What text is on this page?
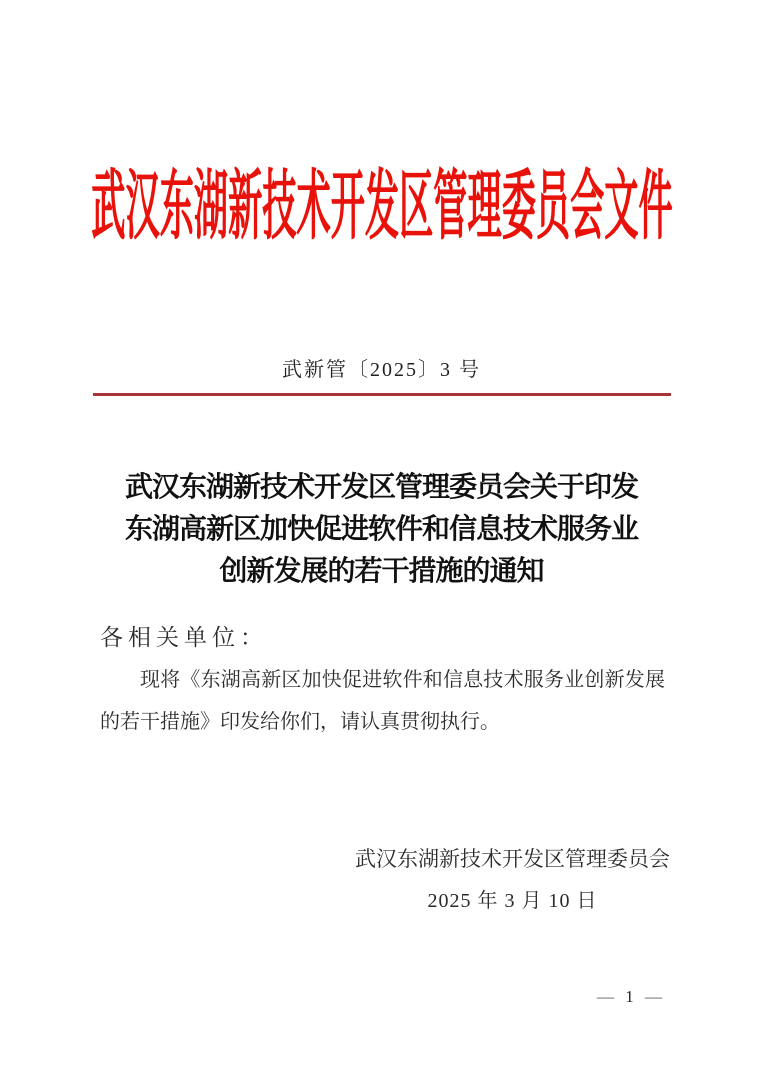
武汉东湖新技术开发区管理委员会文件
武新管〔2025〕3 号
武汉东湖新技术开发区管理委员会关于印发
东湖高新区加快促进软件和信息技术服务业
创新发展的若干措施的通知
各相关单位：
现将《东湖高新区加快促进软件和信息技术服务业创新发展的若干措施》印发给你们，请认真贯彻执行。
武汉东湖新技术开发区管理委员会
2025 年 3 月 10 日
— 1 —
